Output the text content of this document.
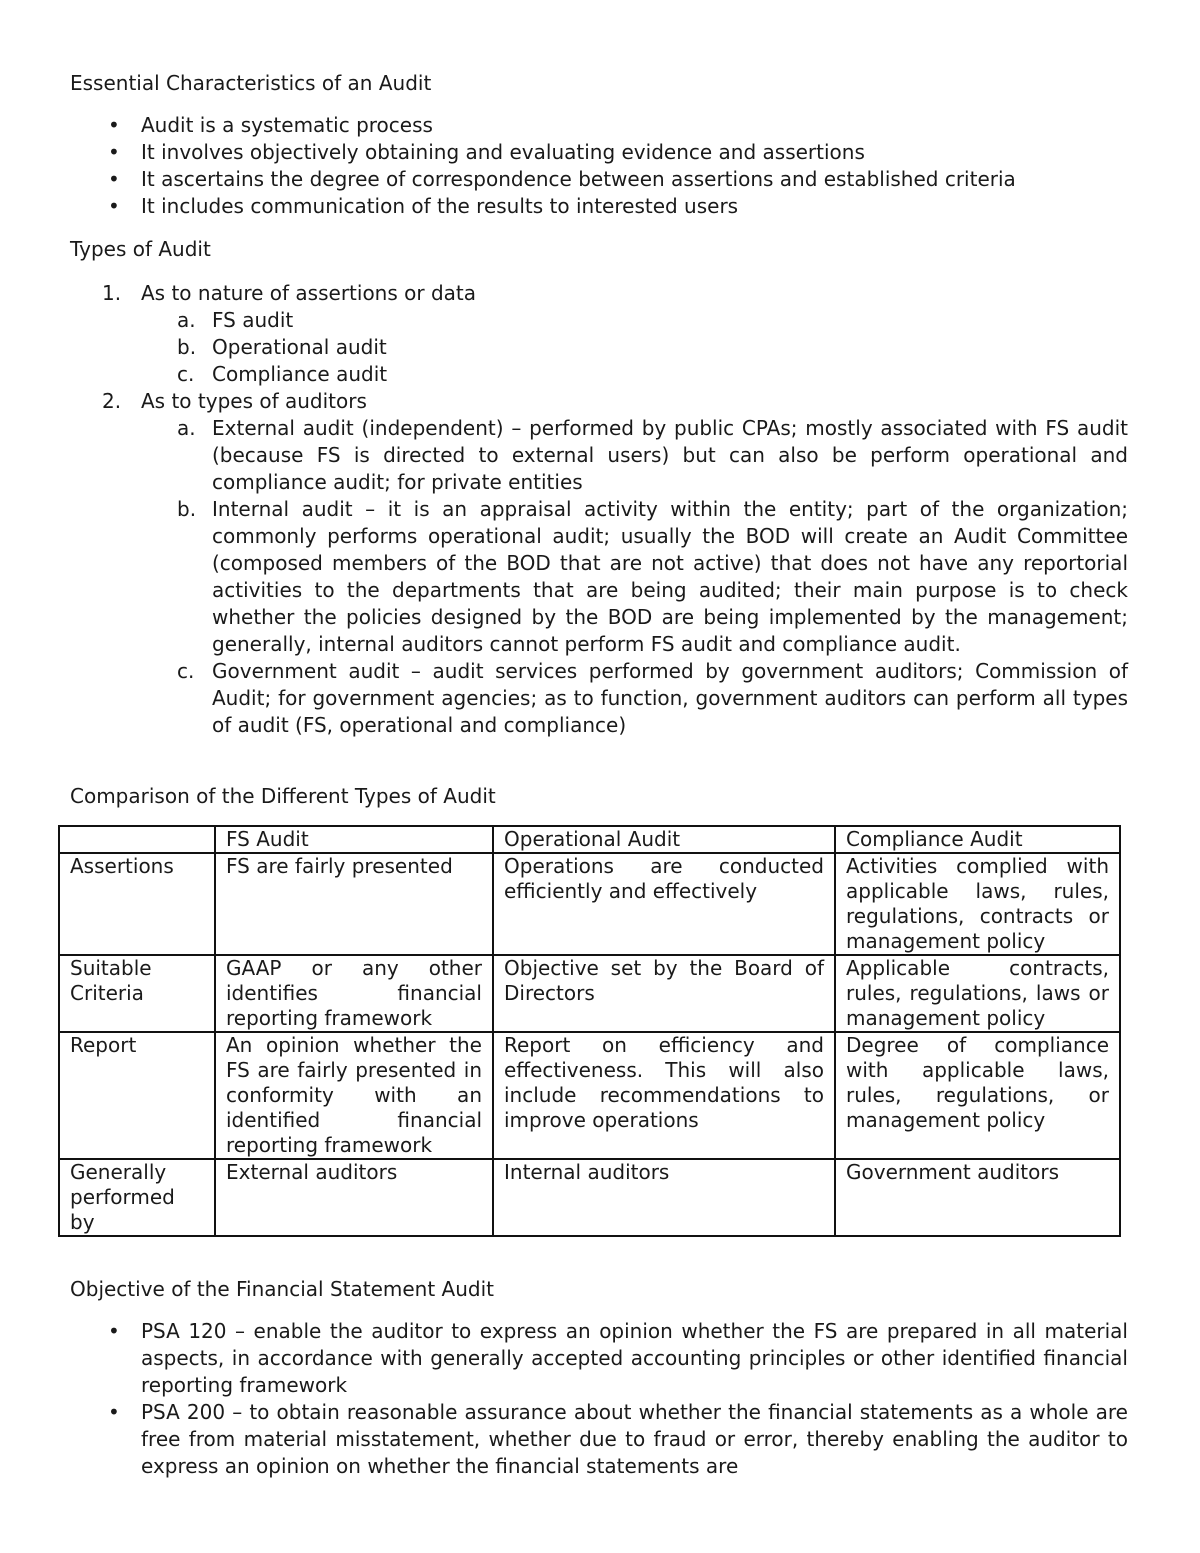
Essential Characteristics of an Audit
• Audit is a systematic process
• It involves objectively obtaining and evaluating evidence and assertions
• It ascertains the degree of correspondence between assertions and established criteria
• It includes communication of the results to interested users
Types of Audit
1. As to nature of assertions or data
a. FS audit
b. Operational audit
c. Compliance audit
2. As to types of auditors
a. External audit (independent) – performed by public CPAs; mostly associated with FS audit (because FS is directed to external users) but can also be perform operational and compliance audit; for private entities
b. Internal audit – it is an appraisal activity within the entity; part of the organization; commonly performs operational audit; usually the BOD will create an Audit Committee (composed members of the BOD that are not active) that does not have any reportorial activities to the departments that are being audited; their main purpose is to check whether the policies designed by the BOD are being implemented by the management; generally, internal auditors cannot perform FS audit and compliance audit.
c. Government audit – audit services performed by government auditors; Commission of Audit; for government agencies; as to function, government auditors can perform all types of audit (FS, operational and compliance)
Comparison of the Different Types of Audit
	FS Audit	Operational Audit	Compliance Audit
Assertions	FS are fairly presented	Operations are conducted efficiently and effectively	Activities complied with applicable laws, rules, regulations, contracts or management policy
Suitable Criteria	GAAP or any other identifies financial reporting framework	Objective set by the Board of Directors	Applicable contracts, rules, regulations, laws or management policy
Report	An opinion whether the FS are fairly presented in conformity with an identified financial reporting framework	Report on efficiency and effectiveness. This will also include recommendations to improve operations	Degree of compliance with applicable laws, rules, regulations, or management policy
Generally performed by	External auditors	Internal auditors	Government auditors
Objective of the Financial Statement Audit
• PSA 120 – enable the auditor to express an opinion whether the FS are prepared in all material aspects, in accordance with generally accepted accounting principles or other identified financial reporting framework
• PSA 200 – to obtain reasonable assurance about whether the financial statements as a whole are free from material misstatement, whether due to fraud or error, thereby enabling the auditor to express an opinion on whether the financial statements are
